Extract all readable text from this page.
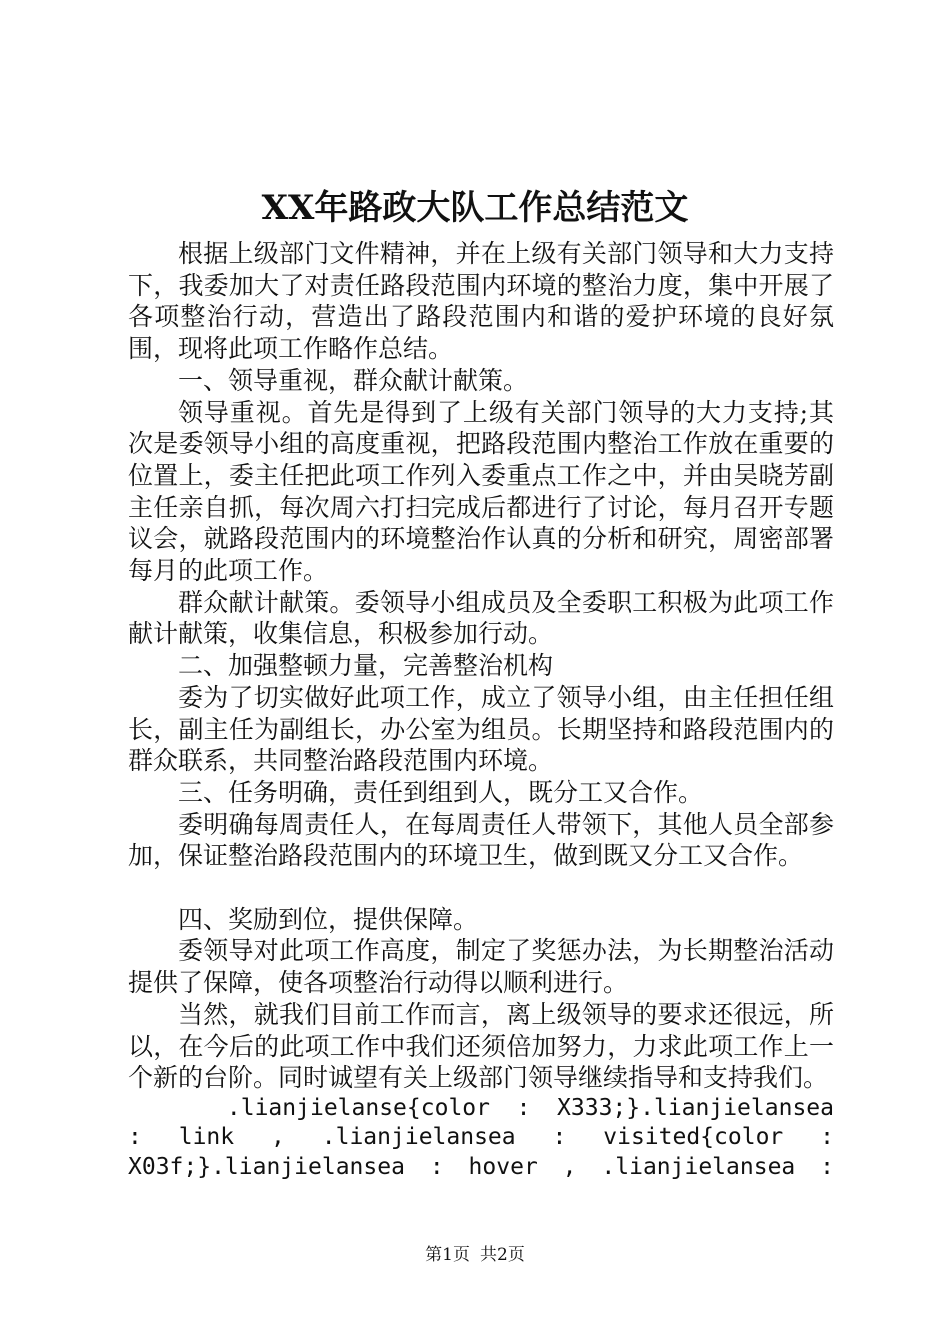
XX年路政大队工作总结范文

根据上级部门文件精神，并在上级有关部门领导和大力支持下，我委加大了对责任路段范围内环境的整治力度，集中开展了各项整治行动，营造出了路段范围内和谐的爱护环境的良好氛围，现将此项工作略作总结。

一、领导重视，群众献计献策。

领导重视。首先是得到了上级有关部门领导的大力支持;其次是委领导小组的高度重视，把路段范围内整治工作放在重要的位置上，委主任把此项工作列入委重点工作之中，并由吴晓芳副主任亲自抓，每次周六打扫完成后都进行了讨论，每月召开专题议会，就路段范围内的环境整治作认真的分析和研究，周密部署每月的此项工作。

群众献计献策。委领导小组成员及全委职工积极为此项工作献计献策，收集信息，积极参加行动。

二、加强整顿力量，完善整治机构

委为了切实做好此项工作，成立了领导小组，由主任担任组长，副主任为副组长，办公室为组员。长期坚持和路段范围内的群众联系，共同整治路段范围内环境。

三、任务明确，责任到组到人，既分工又合作。

委明确每周责任人，在每周责任人带领下，其他人员全部参加，保证整治路段范围内的环境卫生，做到既又分工又合作。

四、奖励到位，提供保障。

委领导对此项工作高度，制定了奖惩办法，为长期整治活动提供了保障，使各项整治行动得以顺利进行。

当然，就我们目前工作而言，离上级领导的要求还很远，所以，在今后的此项工作中我们还须倍加努力，力求此项工作上一个新的台阶。同时诚望有关上级部门领导继续指导和支持我们。

.lianjielanse{color : X333;}.lianjielansea : link , .lianjielansea : visited{color : X03f;}.lianjielansea : hover , .lianjielansea :

第1页 共2页
